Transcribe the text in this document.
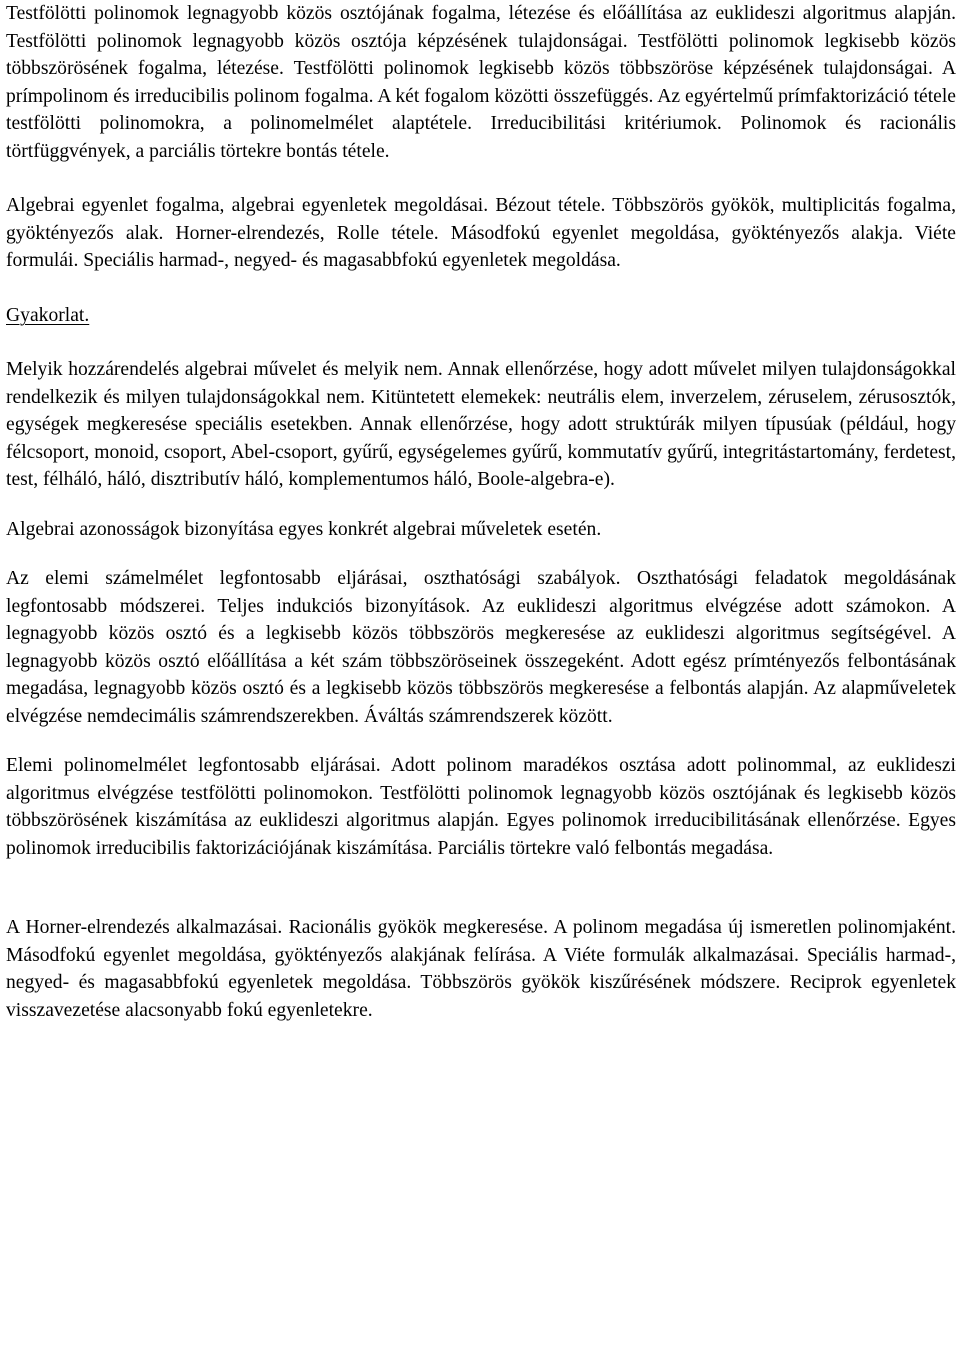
Testfölötti polinomok legnagyobb közös osztójának fogalma, létezése és előállítása az euklideszi algoritmus alapján. Testfölötti polinomok legnagyobb közös osztója képzésének tulajdonságai. Testfölötti polinomok legkisebb közös többszörösének fogalma, létezése. Testfölötti polinomok legkisebb közös többszöröse képzésének tulajdonságai. A prímpolinom és irreducibilis polinom fogalma. A két fogalom közötti összefüggés. Az egyértelmű prímfaktorizáció tétele testfölötti polinomokra, a polinomelmélet alaptétele. Irreducibilitási kritériumok. Polinomok és racionális törtfüggvények, a parciális törtekre bontás tétele.

Algebrai egyenlet fogalma, algebrai egyenletek megoldásai. Bézout tétele. Többszörös gyökök, multiplicitás fogalma, gyöktényezős alak. Horner-elrendezés, Rolle tétele. Másodfokú egyenlet megoldása, gyöktényezős alakja. Viéte formulái. Speciális harmad-, negyed- és magasabbfokú egyenletek megoldása.

Gyakorlat.

Melyik hozzárendelés algebrai művelet és melyik nem. Annak ellenőrzése, hogy adott művelet milyen tulajdonságokkal rendelkezik és milyen tulajdonságokkal nem. Kitüntetett elemekek: neutrális elem, inverzelem, zéruselem, zérusosztók, egységek megkeresése speciális esetekben. Annak ellenőrzése, hogy adott struktúrák milyen típusúak (például, hogy félcsoport, monoid, csoport, Abel-csoport, gyűrű, egységelemes gyűrű, kommutatív gyűrű, integritástartomány, ferdetest, test, félháló, háló, disztributív háló, komplementumos háló, Boole-algebra-e).

Algebrai azonosságok bizonyítása egyes konkrét algebrai műveletek esetén.

Az elemi számelmélet legfontosabb eljárásai, oszthatósági szabályok. Oszthatósági feladatok megoldásának legfontosabb módszerei. Teljes indukciós bizonyítások. Az euklideszi algoritmus elvégzése adott számokon. A legnagyobb közös osztó és a legkisebb közös többszörös megkeresése az euklideszi algoritmus segítségével. A legnagyobb közös osztó előállítása a két szám többszöröseinek összegeként. Adott egész prímtényezős felbontásának megadása, legnagyobb közös osztó és a legkisebb közös többszörös megkeresése a felbontás alapján. Az alapműveletek elvégzése nemdecimális számrendszerekben. Áváltás számrendszerek között.

Elemi polinomelmélet legfontosabb eljárásai. Adott polinom maradékos osztása adott polinommal, az euklideszi algoritmus elvégzése testfölötti polinomokon. Testfölötti polinomok legnagyobb közös osztójának és legkisebb közös többszörösének kiszámítása az euklideszi algoritmus alapján. Egyes polinomok irreducibilitásának ellenőrzése. Egyes polinomok irreducibilis faktorizációjának kiszámítása. Parciális törtekre való felbontás megadása.

A Horner-elrendezés alkalmazásai. Racionális gyökök megkeresése. A polinom megadása új ismeretlen polinomjaként. Másodfokú egyenlet megoldása, gyöktényezős alakjának felírása. A Viéte formulák alkalmazásai. Speciális harmad-, negyed- és magasabbfokú egyenletek megoldása. Többszörös gyökök kiszűrésének módszere. Reciprok egyenletek visszavezetése alacsonyabb fokú egyenletekre.
